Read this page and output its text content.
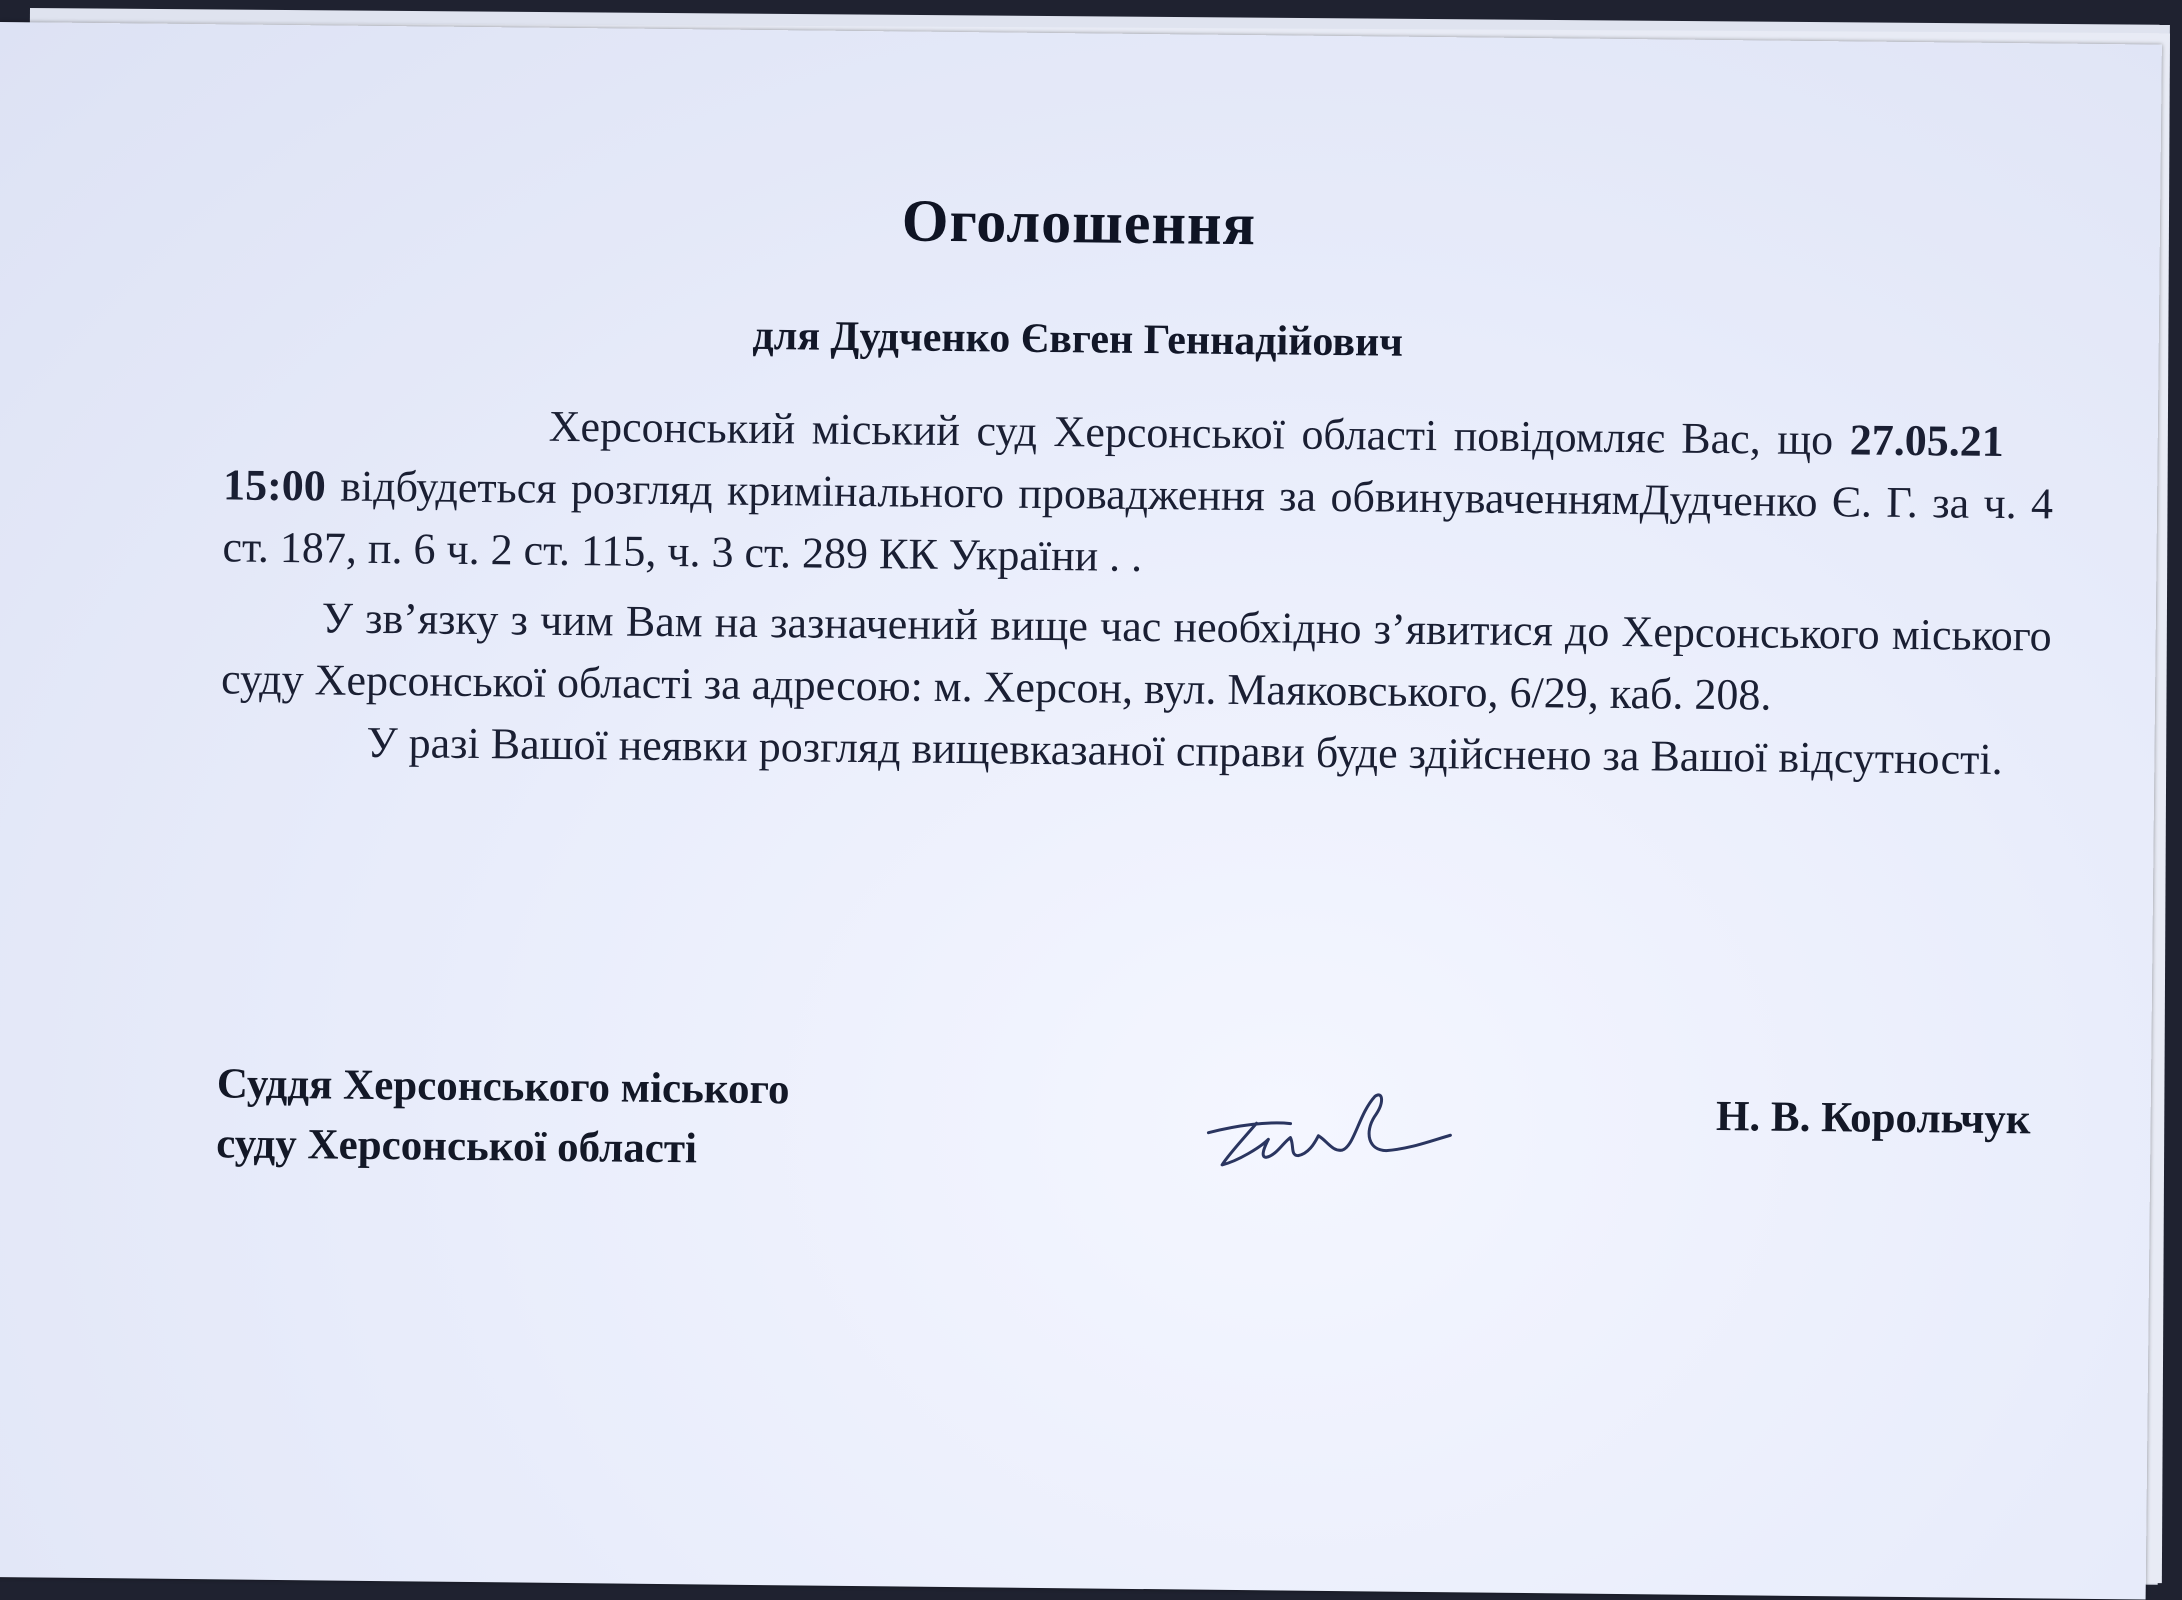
Оголошення
для Дудченко Євген Геннадійович

Херсонський міський суд Херсонської області повідомляє Вас, що 27.05.2115:00 відбудеться розгляд кримінального провадження за обвинуваченнямДудченко Є. Г. за ч. 4 ст. 187, п. 6 ч. 2 ст. 115, ч. 3 ст. 289 КК України . .

У зв’язку з чим Вам на зазначений вище час необхідно з’явитися до Херсонського міського суду Херсонської області за адресою: м. Херсон, вул. Маяковського, 6/29, каб. 208.

У разі Вашої неявки розгляд вищевказаної справи буде здійснено за Вашої відсутності.

Суддя Херсонського міського
суду Херсонської області
Н. В. Корольчук
